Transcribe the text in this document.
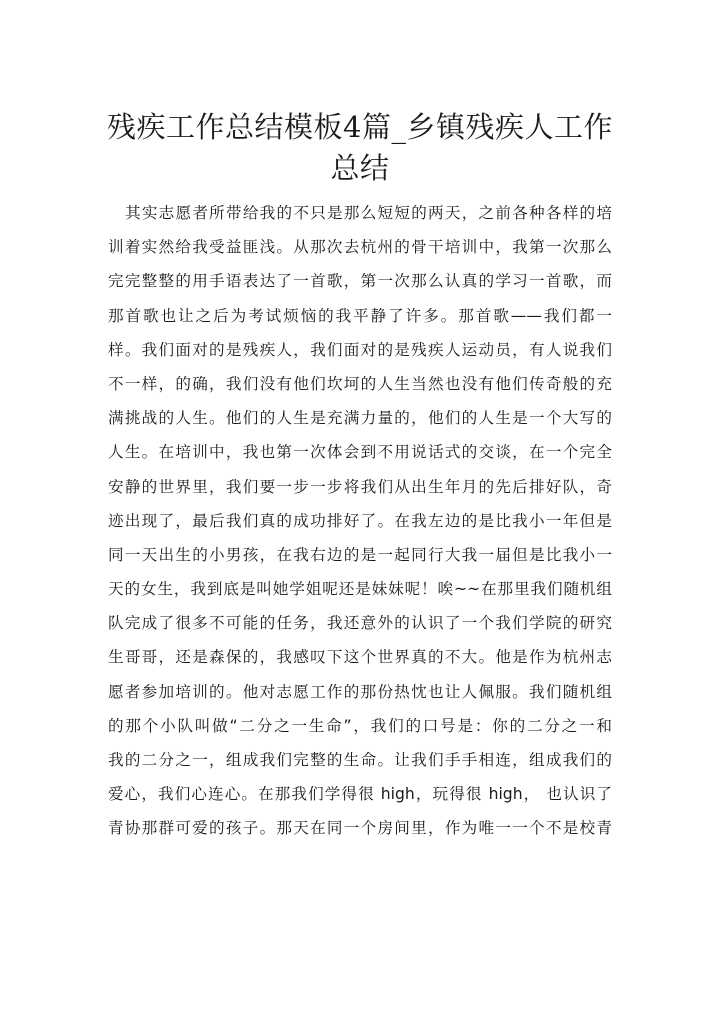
残疾工作总结模板4篇_乡镇残疾人工作总结
其实志愿者所带给我的不只是那么短短的两天，之前各种各样的培
训着实然给我受益匪浅。从那次去杭州的骨干培训中，我第一次那么
完完整整的用手语表达了一首歌，第一次那么认真的学习一首歌，而
那首歌也让之后为考试烦恼的我平静了许多。那首歌——我们都一
样。我们面对的是残疾人，我们面对的是残疾人运动员，有人说我们
不一样，的确，我们没有他们坎坷的人生当然也没有他们传奇般的充
满挑战的人生。他们的人生是充满力量的，他们的人生是一个大写的
人生。在培训中，我也第一次体会到不用说话式的交谈，在一个完全
安静的世界里，我们要一步一步将我们从出生年月的先后排好队，奇
迹出现了，最后我们真的成功排好了。在我左边的是比我小一年但是
同一天出生的小男孩，在我右边的是一起同行大我一届但是比我小一
天的女生，我到底是叫她学姐呢还是妹妹呢！唉~~在那里我们随机组
队完成了很多不可能的任务，我还意外的认识了一个我们学院的研究
生哥哥，还是森保的，我感叹下这个世界真的不大。他是作为杭州志
愿者参加培训的。他对志愿工作的那份热忱也让人佩服。我们随机组
的那个小队叫做“二分之一生命”，我们的口号是：你的二分之一和
我的二分之一，组成我们完整的生命。让我们手手相连，组成我们的
爱心，我们心连心。在那我们学得很 high，玩得很 high， 也认识了
青协那群可爱的孩子。那天在同一个房间里，作为唯一一个不是校青
